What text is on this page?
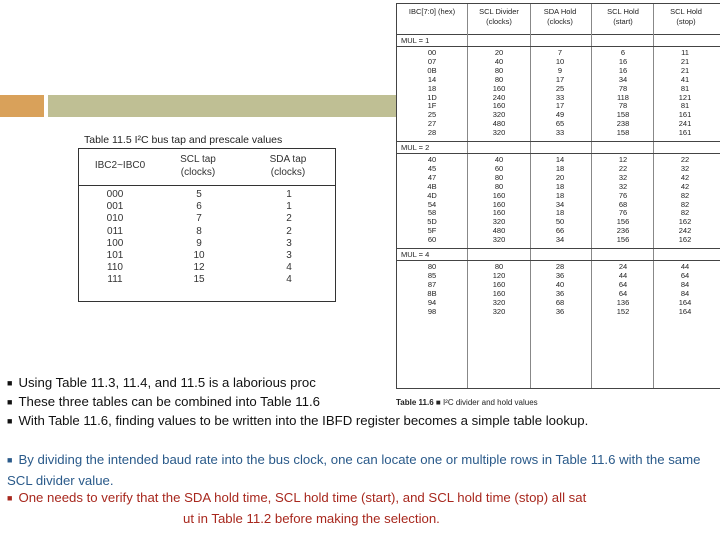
Table 11.5 I²C bus tap and prescale values
IBC2~IBC0
SCL tap
(clocks)
SDA tap
(clocks)
000
001
010
011
100
101
110
111
5
6
7
8
9
10
12
15
1
1
2
2
3
3
4
4
IBC[7:0] (hex)	SCL Divider
(clocks)
SDA Hold
(clocks)
SCL Hold
(start)
SCL Hold
(stop)
MUL = 1
00
07
0B
14
18
1D
1F
25
27
28
20
40
80
80
160
240
160
320
480
320
7
10
9
17
25
33
17
49
65
33
6
16
16
34
78
118
78
158
238
158
11
21
21
41
81
121
81
161
241
161
MUL = 2
40
45
47
4B
4D
54
58
5D
5F
60
40
60
80
80
160
160
160
320
480
320
14
18
20
18
18
34
18
50
66
34
12
22
32
32
76
68
76
156
236
156
22
32
42
42
82
82
82
162
242
162
MUL = 4
80
85
87
8B
94
98
80
120
160
160
320
320
28
36
40
36
68
36
24
44
64
64
136
152
44
64
84
84
164
164
Table 11.6 ■ I²C divider and hold values
■ Using Table 11.3, 11.4, and 11.5 is a laborious proc
■ These three tables can be combined into Table 11.6
■ With Table 11.6, finding values to be written into the IBFD register becomes a simple table lookup.
■ By dividing the intended baud rate into the bus clock, one can locate one or multiple rows in Table 11.6 with the same SCL divider value.
■ One needs to verify that the SDA hold time, SCL hold time (start), and SCL hold time (stop) all satut in Table 11.2 before making the selection.
